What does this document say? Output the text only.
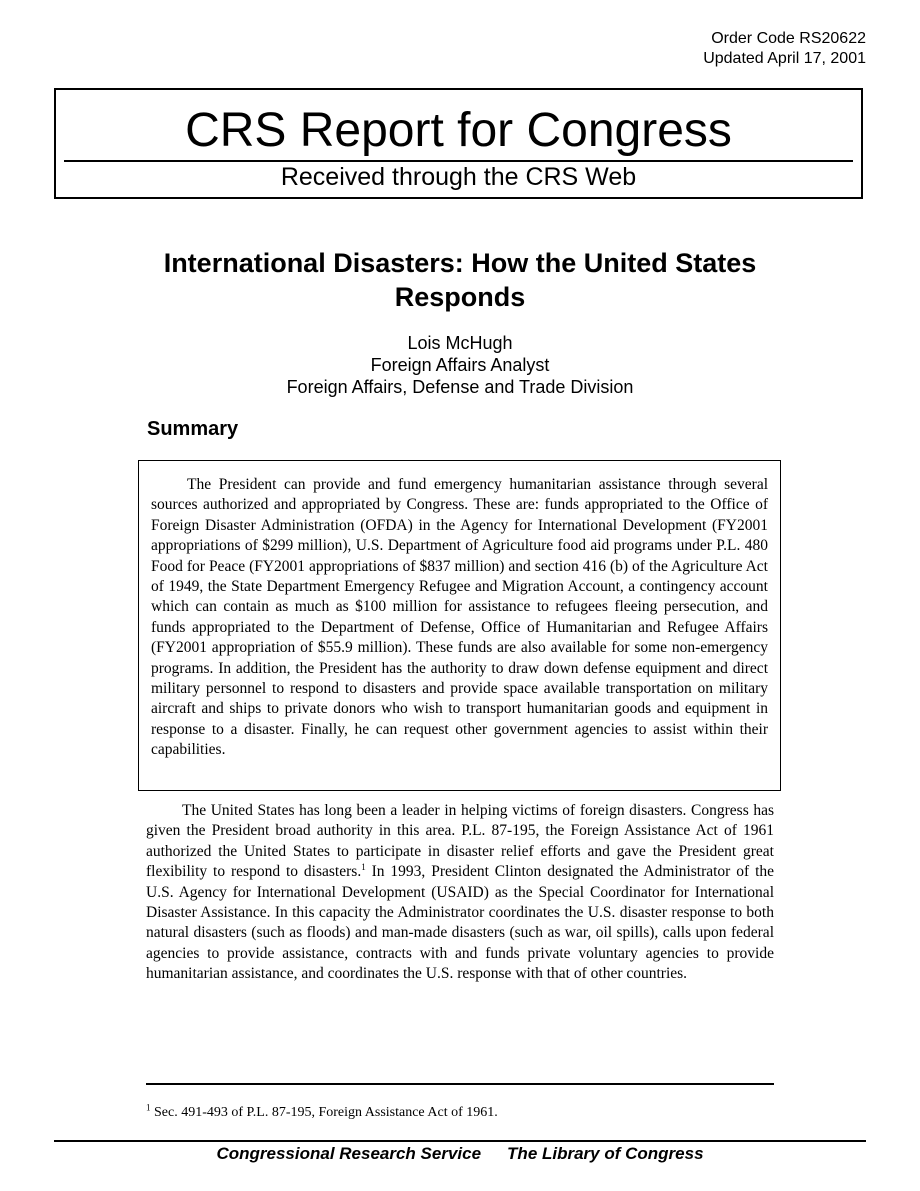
Order Code RS20622
Updated April 17, 2001
CRS Report for Congress
Received through the CRS Web
International Disasters: How the United States
Responds
Lois McHugh
Foreign Affairs Analyst
Foreign Affairs, Defense and Trade Division
Summary

The President can provide and fund emergency humanitarian assistance through several sources authorized and appropriated by Congress. These are: funds appropriated to the Office of Foreign Disaster Administration (OFDA) in the Agency for International Development (FY2001 appropriations of $299 million), U.S. Department of Agriculture food aid programs under P.L. 480 Food for Peace (FY2001 appropriations of $837 million) and section 416 (b) of the Agriculture Act of 1949, the State Department Emergency Refugee and Migration Account, a contingency account which can contain as much as $100 million for assistance to refugees fleeing persecution, and funds appropriated to the Department of Defense, Office of Humanitarian and Refugee Affairs (FY2001 appropriation of $55.9 million). These funds are also available for some non-emergency programs. In addition, the President has the authority to draw down defense equipment and direct military personnel to respond to disasters and provide space available transportation on military aircraft and ships to private donors who wish to transport humanitarian goods and equipment in response to a disaster. Finally, he can request other government agencies to assist within their capabilities.

The United States has long been a leader in helping victims of foreign disasters. Congress has given the President broad authority in this area. P.L. 87-195, the Foreign Assistance Act of 1961 authorized the United States to participate in disaster relief efforts and gave the President great flexibility to respond to disasters.$^1$ In 1993, President Clinton designated the Administrator of the U.S. Agency for International Development (USAID) as the Special Coordinator for International Disaster Assistance. In this capacity the Administrator coordinates the U.S. disaster response to both natural disasters (such as floods) and man-made disasters (such as war, oil spills), calls upon federal agencies to provide assistance, contracts with and funds private voluntary agencies to provide humanitarian assistance, and coordinates the U.S. response with that of other countries.

$^1$ Sec. 491-493 of P.L. 87-195, Foreign Assistance Act of 1961.
Congressional Research Service The Library of Congress
